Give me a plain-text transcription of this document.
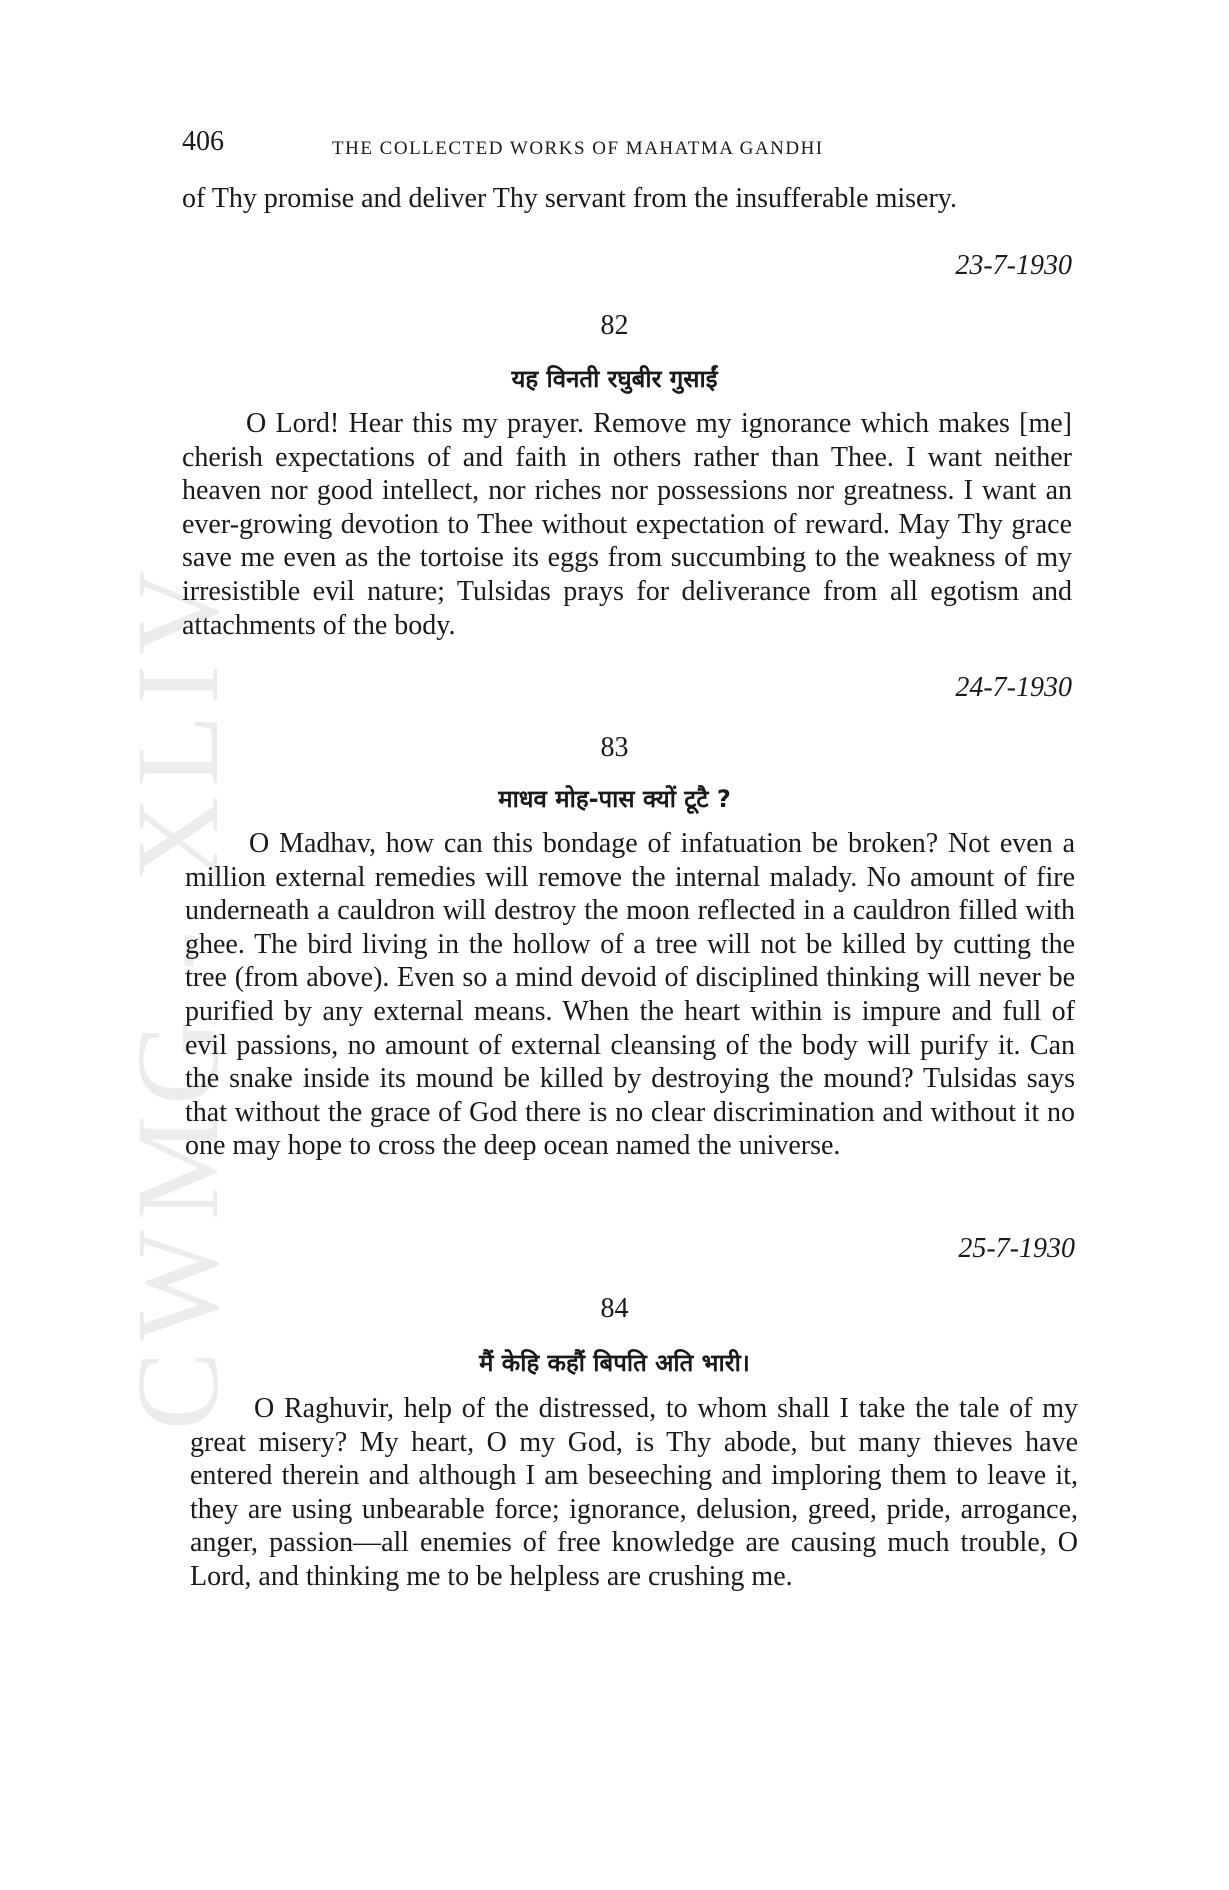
CWMG - XLIV
406	THE COLLECTED WORKS OF MAHATMA GANDHI
of Thy promise and deliver Thy servant from the insufferable misery.
23-7-1930
82
यह विनती रघुबीर गुसाईं
O Lord! Hear this my prayer. Remove my ignorance which makes [me] cherish expectations of and faith in others rather than Thee. I want neither heaven nor good intellect, nor riches nor possessions nor greatness. I want an ever-growing devotion to Thee without expectation of reward. May Thy grace save me even as the tortoise its eggs from succumbing to the weakness of my irresistible evil nature; Tulsidas prays for deliverance from all egotism and attachments of the body.
24-7-1930
83
माधव मोह-पास क्यों टूटै ?
O Madhav, how can this bondage of infatuation be broken? Not even a million external remedies will remove the internal malady. No amount of fire underneath a cauldron will destroy the moon reflected in a cauldron filled with ghee. The bird living in the hollow of a tree will not be killed by cutting the tree (from above). Even so a mind devoid of disciplined thinking will never be purified by any external means. When the heart within is impure and full of evil passions, no amount of external cleansing of the body will purify it. Can the snake inside its mound be killed by destroying the mound? Tulsidas says that without the grace of God there is no clear discrimination and without it no one may hope to cross the deep ocean named the universe.
25-7-1930
84
मैं केहि कहौं बिपति अति भारी।
O Raghuvir, help of the distressed, to whom shall I take the tale of my great misery? My heart, O my God, is Thy abode, but many thieves have entered therein and although I am beseeching and imploring them to leave it, they are using unbearable force; ignorance, delusion, greed, pride, arrogance, anger, passion—all enemies of free knowledge are causing much trouble, O Lord, and thinking me to be helpless are crushing me.
